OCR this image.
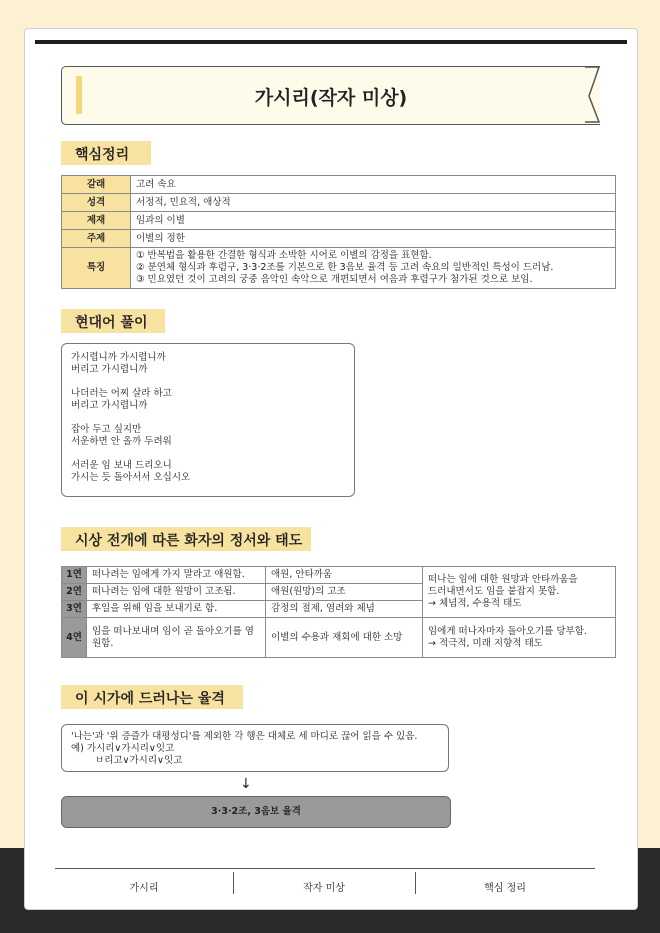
가시리(작자 미상)
핵심정리
갈래	고려 속요
성격	서정적, 민요적, 애상적
제재	임과의 이별
주제	이별의 정한
특징	① 반복법을 활용한 간결한 형식과 소박한 시어로 이별의 감정을 표현함.
② 분연체 형식과 후렴구, 3·3·2조를 기본으로 한 3음보 율격 등 고려 속요의 일반적인 특성이 드러남.
③ 민요였던 것이 고려의 궁중 음악인 속악으로 개편되면서 여음과 후렴구가 첨가된 것으로 보임.
현대어 풀이
가시렵니까 가시렵니까
버리고 가시렵니까
나더러는 어찌 살라 하고
버리고 가시렵니까
잡아 두고 싶지만
서운하면 안 올까 두려워
서러운 임 보내 드리오니
가시는 듯 돌아서서 오십시오
시상 전개에 따른 화자의 정서와 태도
1연	떠나려는 임에게 가지 말라고 애원함.	애원, 안타까움	떠나는 임에 대한 원망과 안타까움을
드러내면서도 임을 붙잡지 못함.
→ 체념적, 수용적 태도

2연	떠나려는 임에 대한 원망이 고조됨.	애원(원망)의 고조	
3연	후일을 위해 임을 보내기로 함.	감정의 절제, 염려와 체념	
4연	임을 떠나보내며 임이 곧 돌아오기를 염원함.	이별의 수용과 재회에 대한 소망	임에게 떠나자마자 돌아오기를 당부함.
→ 적극적, 미래 지향적 태도
이 시가에 드러나는 율격
'나는'과 '위 증즐가 대평성디'를 제외한 각 행은 대체로 세 마디로 끊어 읽을 수 있음.
예) 가시리∨가시리∨잇고
ㅂ리고∨가시리∨잇고
↓
3·3·2조, 3음보 율격
가시리	작자 미상	핵심 정리
